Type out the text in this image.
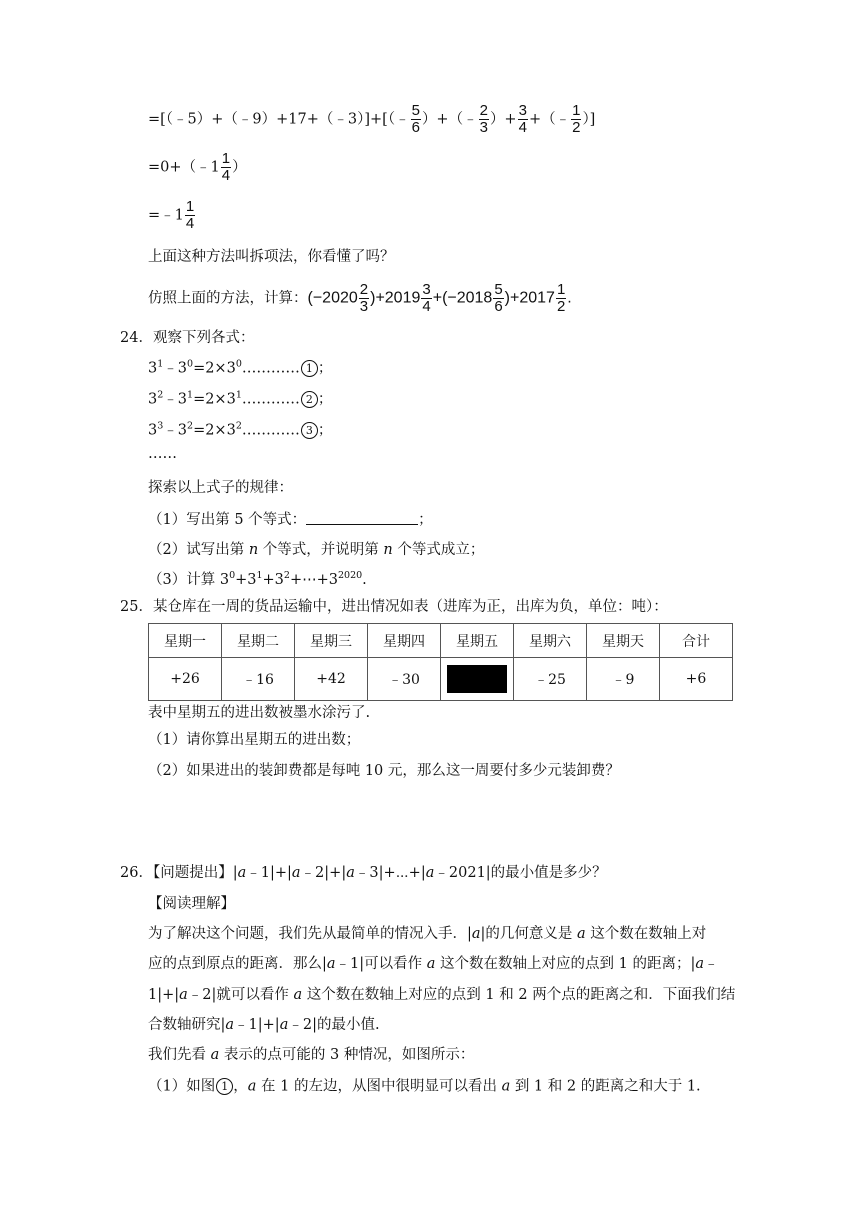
=[（﹣5）+（﹣9）+17+（﹣3）]+[（﹣ $\frac{5}{6}$ ）+（﹣ $\frac{2}{3}$ ）+ $\frac{3}{4}$ +（﹣ $\frac{1}{2}$ ）]
=0+（﹣1 $\frac{1}{4}$ ）
=﹣1 $\frac{1}{4}$
上面这种方法叫拆项法，你看懂了吗？
仿照上面的方法，计算：$(-2020 \frac{2}{3} )+2019 \frac{3}{4} +(-2018 \frac{5}{6} )+2017 \frac{1}{2}$ .
24．观察下列各式：
$3^1﹣3^0=2\times 3^0\dots\dots\dots\dots$ 1 ；
$3^2﹣3^1=2\times 3^1\dots\dots\dots\dots$ 2 ；
$3^3﹣3^2=2\times 3^2\dots\dots\dots\dots$ 3 ；
……
探索以上式子的规律：
（1）写出第 5 个等式：	；
（2）试写出第 n 个等式，并说明第 n 个等式成立；
（3）计算 $3^0+3^1+3^2+\cdots+3^{2020}$.
25．某仓库在一周的货品运输中，进出情况如表（进库为正，出库为负，单位：吨）：
星期一	星期二	星期三	星期四	星期五	星期六	星期天	合计
+26	﹣16	+42	﹣30		﹣25	﹣9	+6
表中星期五的进出数被墨水涂污了.
（1）请你算出星期五的进出数；
（2）如果进出的装卸费都是每吨 10 元，那么这一周要付多少元装卸费？
26．【问题提出】|a﹣1|+|a﹣2|+|a﹣3|+⋯+|a﹣2021|的最小值是多少？
【阅读理解】
为了解决这个问题，我们先从最简单的情况入手．|a|的几何意义是 a 这个数在数轴上对
应的点到原点的距离．那么|a﹣1|可以看作 a 这个数在数轴上对应的点到 1 的距离；|a﹣
1|+|a﹣2|就可以看作 a 这个数在数轴上对应的点到 1 和 2 两个点的距离之和．下面我们结
合数轴研究|a﹣1|+|a﹣2|的最小值.
我们先看 a 表示的点可能的 3 种情况，如图所示：
（1）如图 1 ，a 在 1 的左边，从图中很明显可以看出 a 到 1 和 2 的距离之和大于 1.
